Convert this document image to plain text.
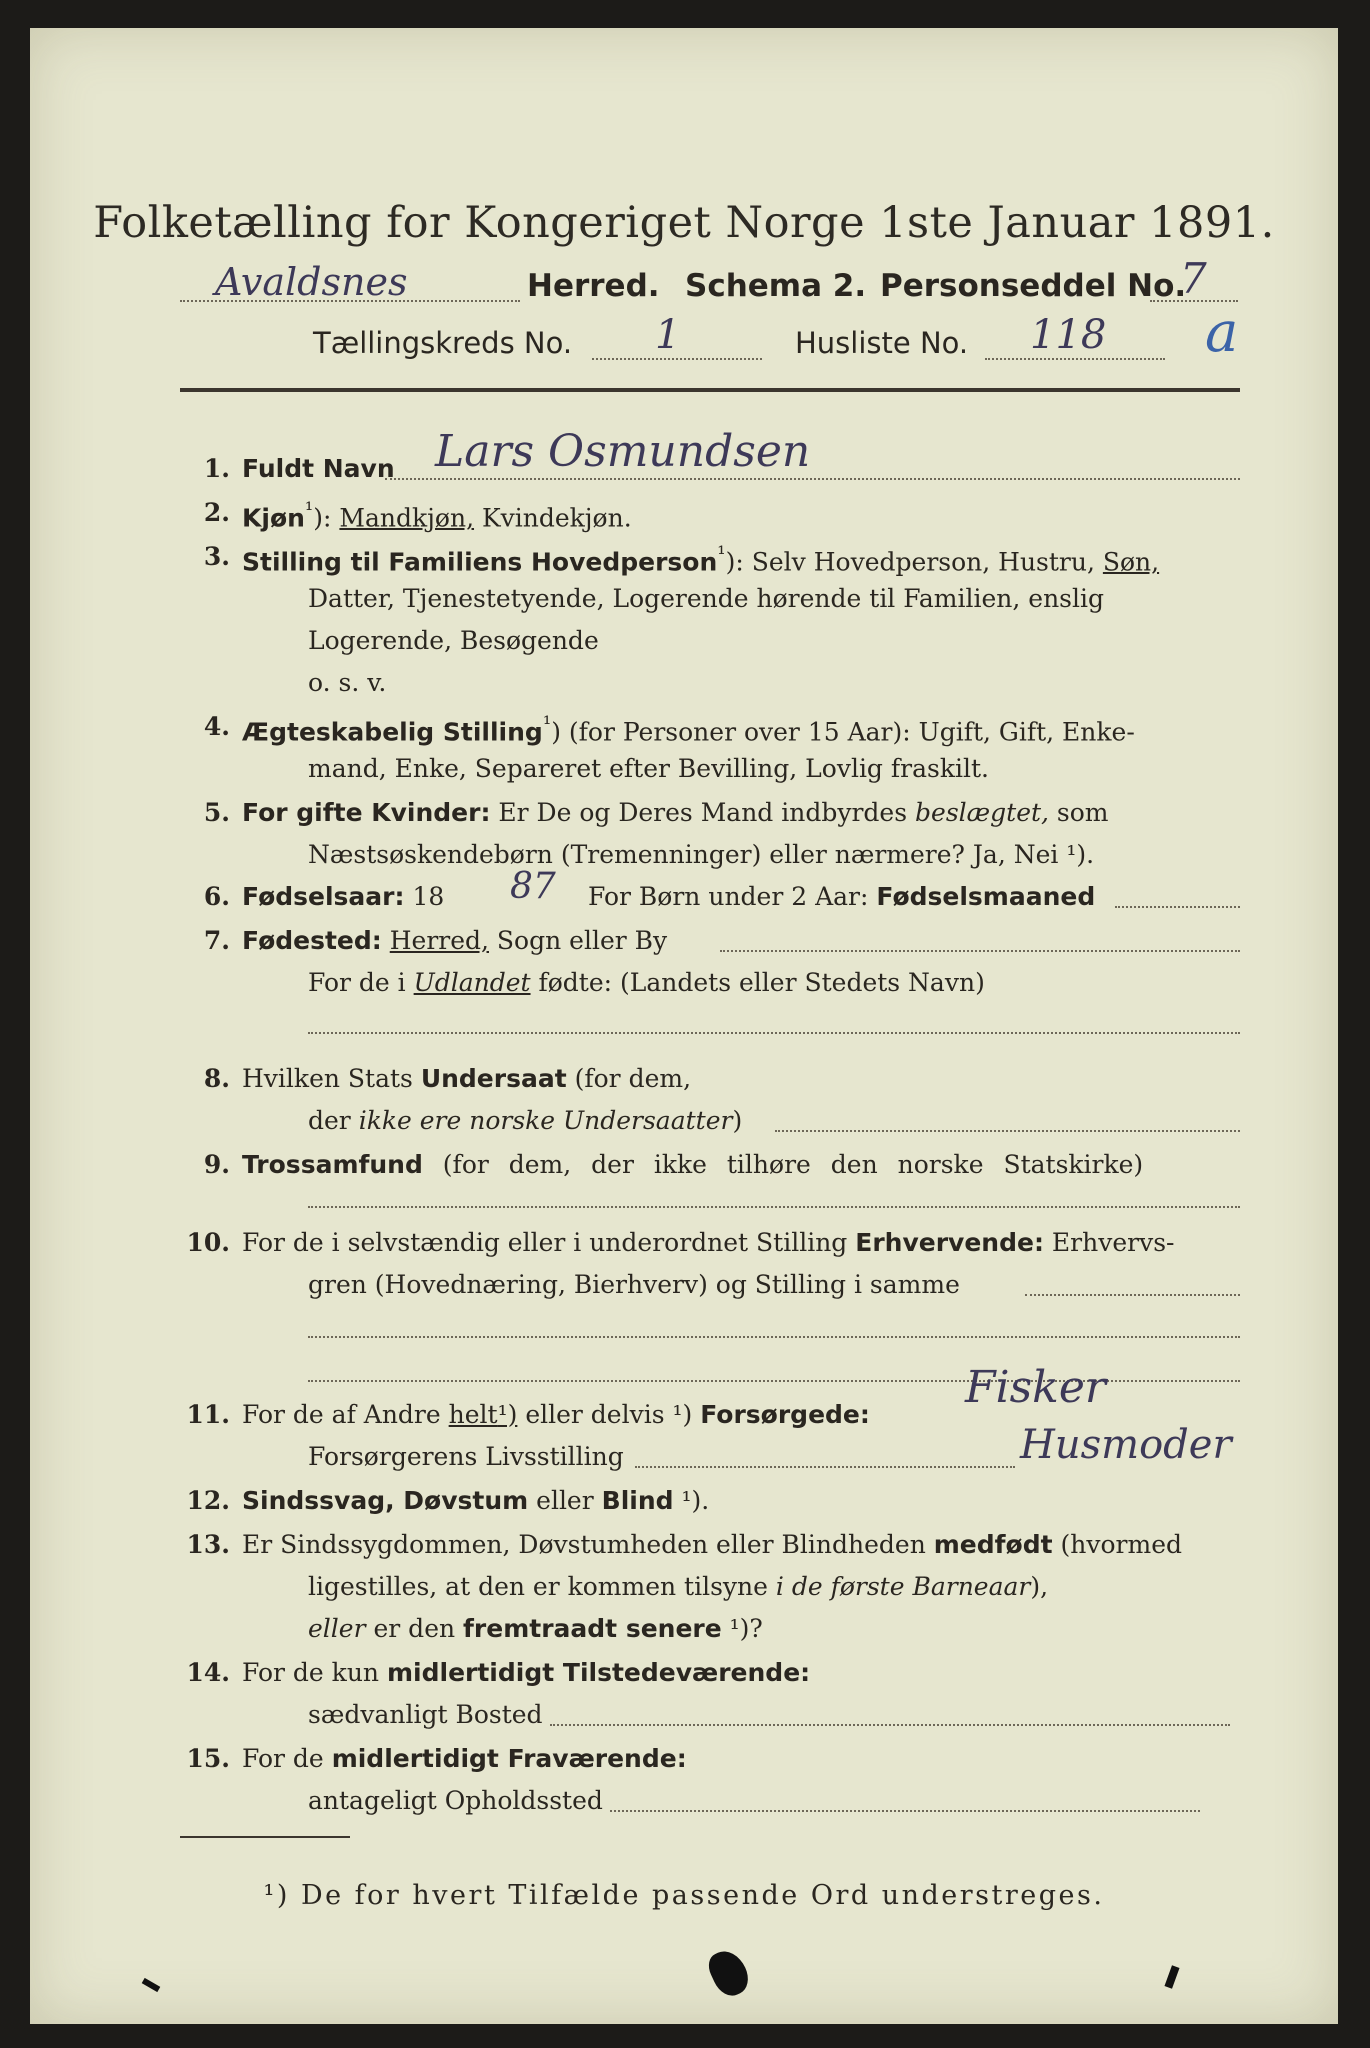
Folketælling for Kongeriget Norge 1ste Januar 1891.
Avaldsnes	Herred. Schema 2. Personseddel No.
7
Tællingskreds No. 1	Husliste No. 118 a
1. Fuldt Navn Lars Osmundsen
2. Kjøn$^{^1}$): Mandkjøn, Kvindekjøn.
3. Stilling til Familiens Hovedperson$^{^1}$): Selv Hovedperson, Hustru, Søn,
Datter, Tjenestetyende, Logerende hørende til Familien, enslig
Logerende, Besøgende
o. s. v.
4. Ægteskabelig Stilling$^{^1}$) (for Personer over 15 Aar): Ugift, Gift, Enke-
mand, Enke, Separeret efter Bevilling, Lovlig fraskilt.
5. For gifte Kvinder: Er De og Deres Mand indbyrdes beslægtet, som
Næstsøskendebørn (Tremenninger) eller nærmere? Ja, Nei ¹).
6. Fødselsaar: 18 87 For Børn under 2 Aar: Fødselsmaaned
7. Fødested: Herred, Sogn eller By
For de i Udlandet fødte: (Landets eller Stedets Navn)
8. Hvilken Stats Undersaat (for dem,
der ikke ere norske Undersaatter)
9. Trossamfund (for dem, der ikke tilhøre den norske Statskirke)
10. For de i selvstændig eller i underordnet Stilling Erhvervende: Erhvervs-
gren (Hovednæring, Bierhverv) og Stilling i samme
11. For de af Andre helt¹) eller delvis ¹) Forsørgede:
Fisker
Forsørgerens Livsstilling	Husmoder
12. Sindssvag, Døvstum eller Blind ¹).
13. Er Sindssygdommen, Døvstumheden eller Blindheden medfødt (hvormed
ligestilles, at den er kommen tilsyne i de første Barneaar),
eller er den fremtraadt senere ¹)?
14. For de kun midlertidigt Tilstedeværende:
sædvanligt Bosted
15. For de midlertidigt Fraværende:
antageligt Opholdssted
¹) De for hvert Tilfælde passende Ord understreges.
